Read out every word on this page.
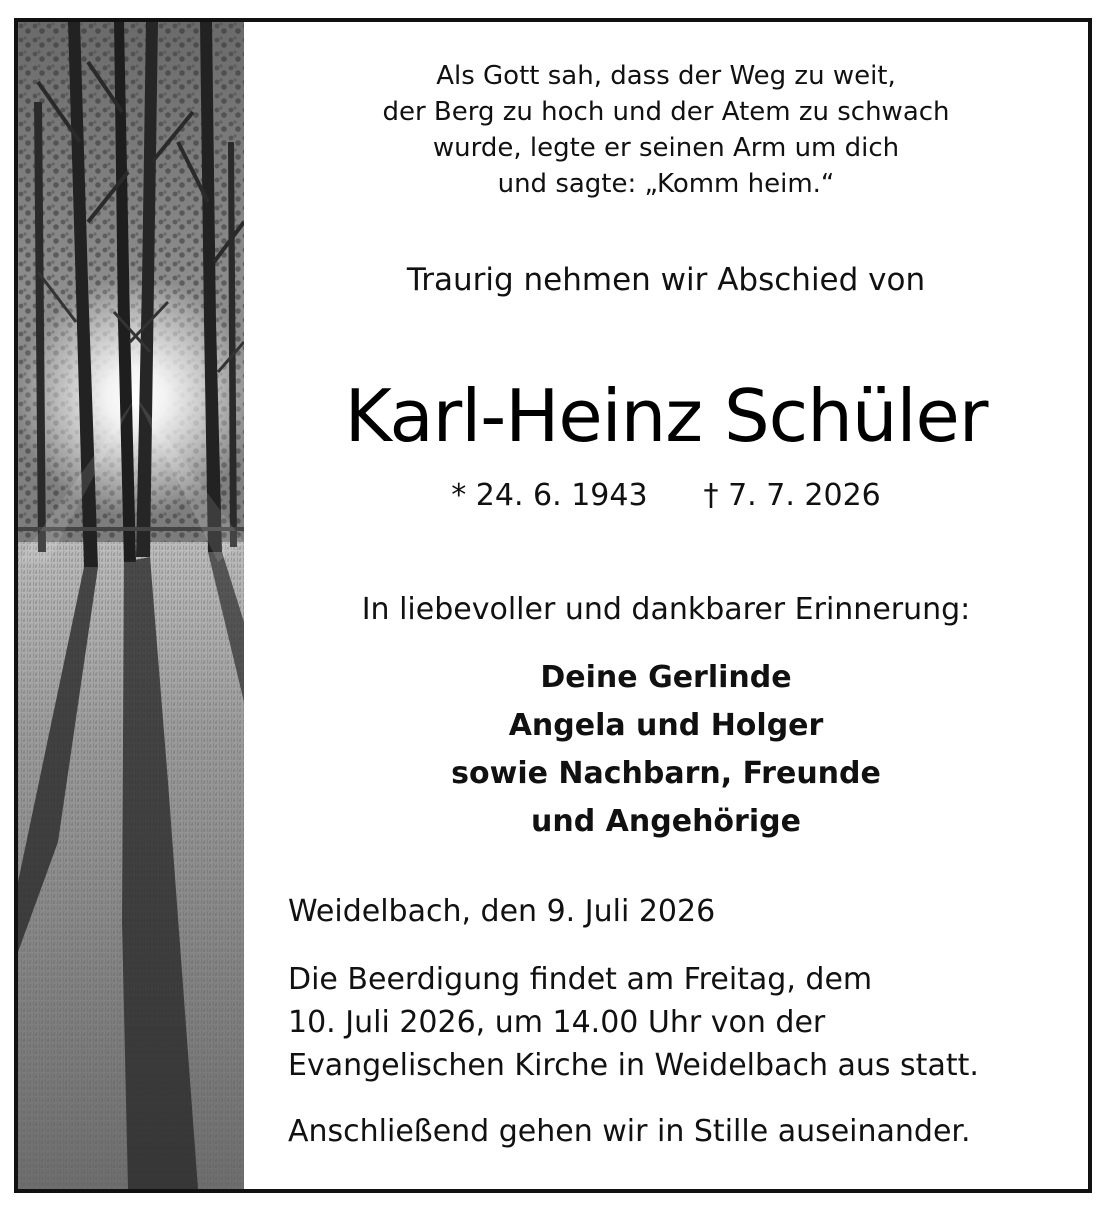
Als Gott sah, dass der Weg zu weit,
der Berg zu hoch und der Atem zu schwach
wurde, legte er seinen Arm um dich
und sagte: „Komm heim.“
Traurig nehmen wir Abschied von
Karl-Heinz Schüler
* 24. 6. 1943 † 7. 7. 2026
In liebevoller und dankbarer Erinnerung:
Deine Gerlinde
Angela und Holger
sowie Nachbarn, Freunde
und Angehörige
Weidelbach, den 9. Juli 2026
Die Beerdigung findet am Freitag, dem
10. Juli 2026, um 14.00 Uhr von der
Evangelischen Kirche in Weidelbach aus statt.
Anschließend gehen wir in Stille auseinander.
